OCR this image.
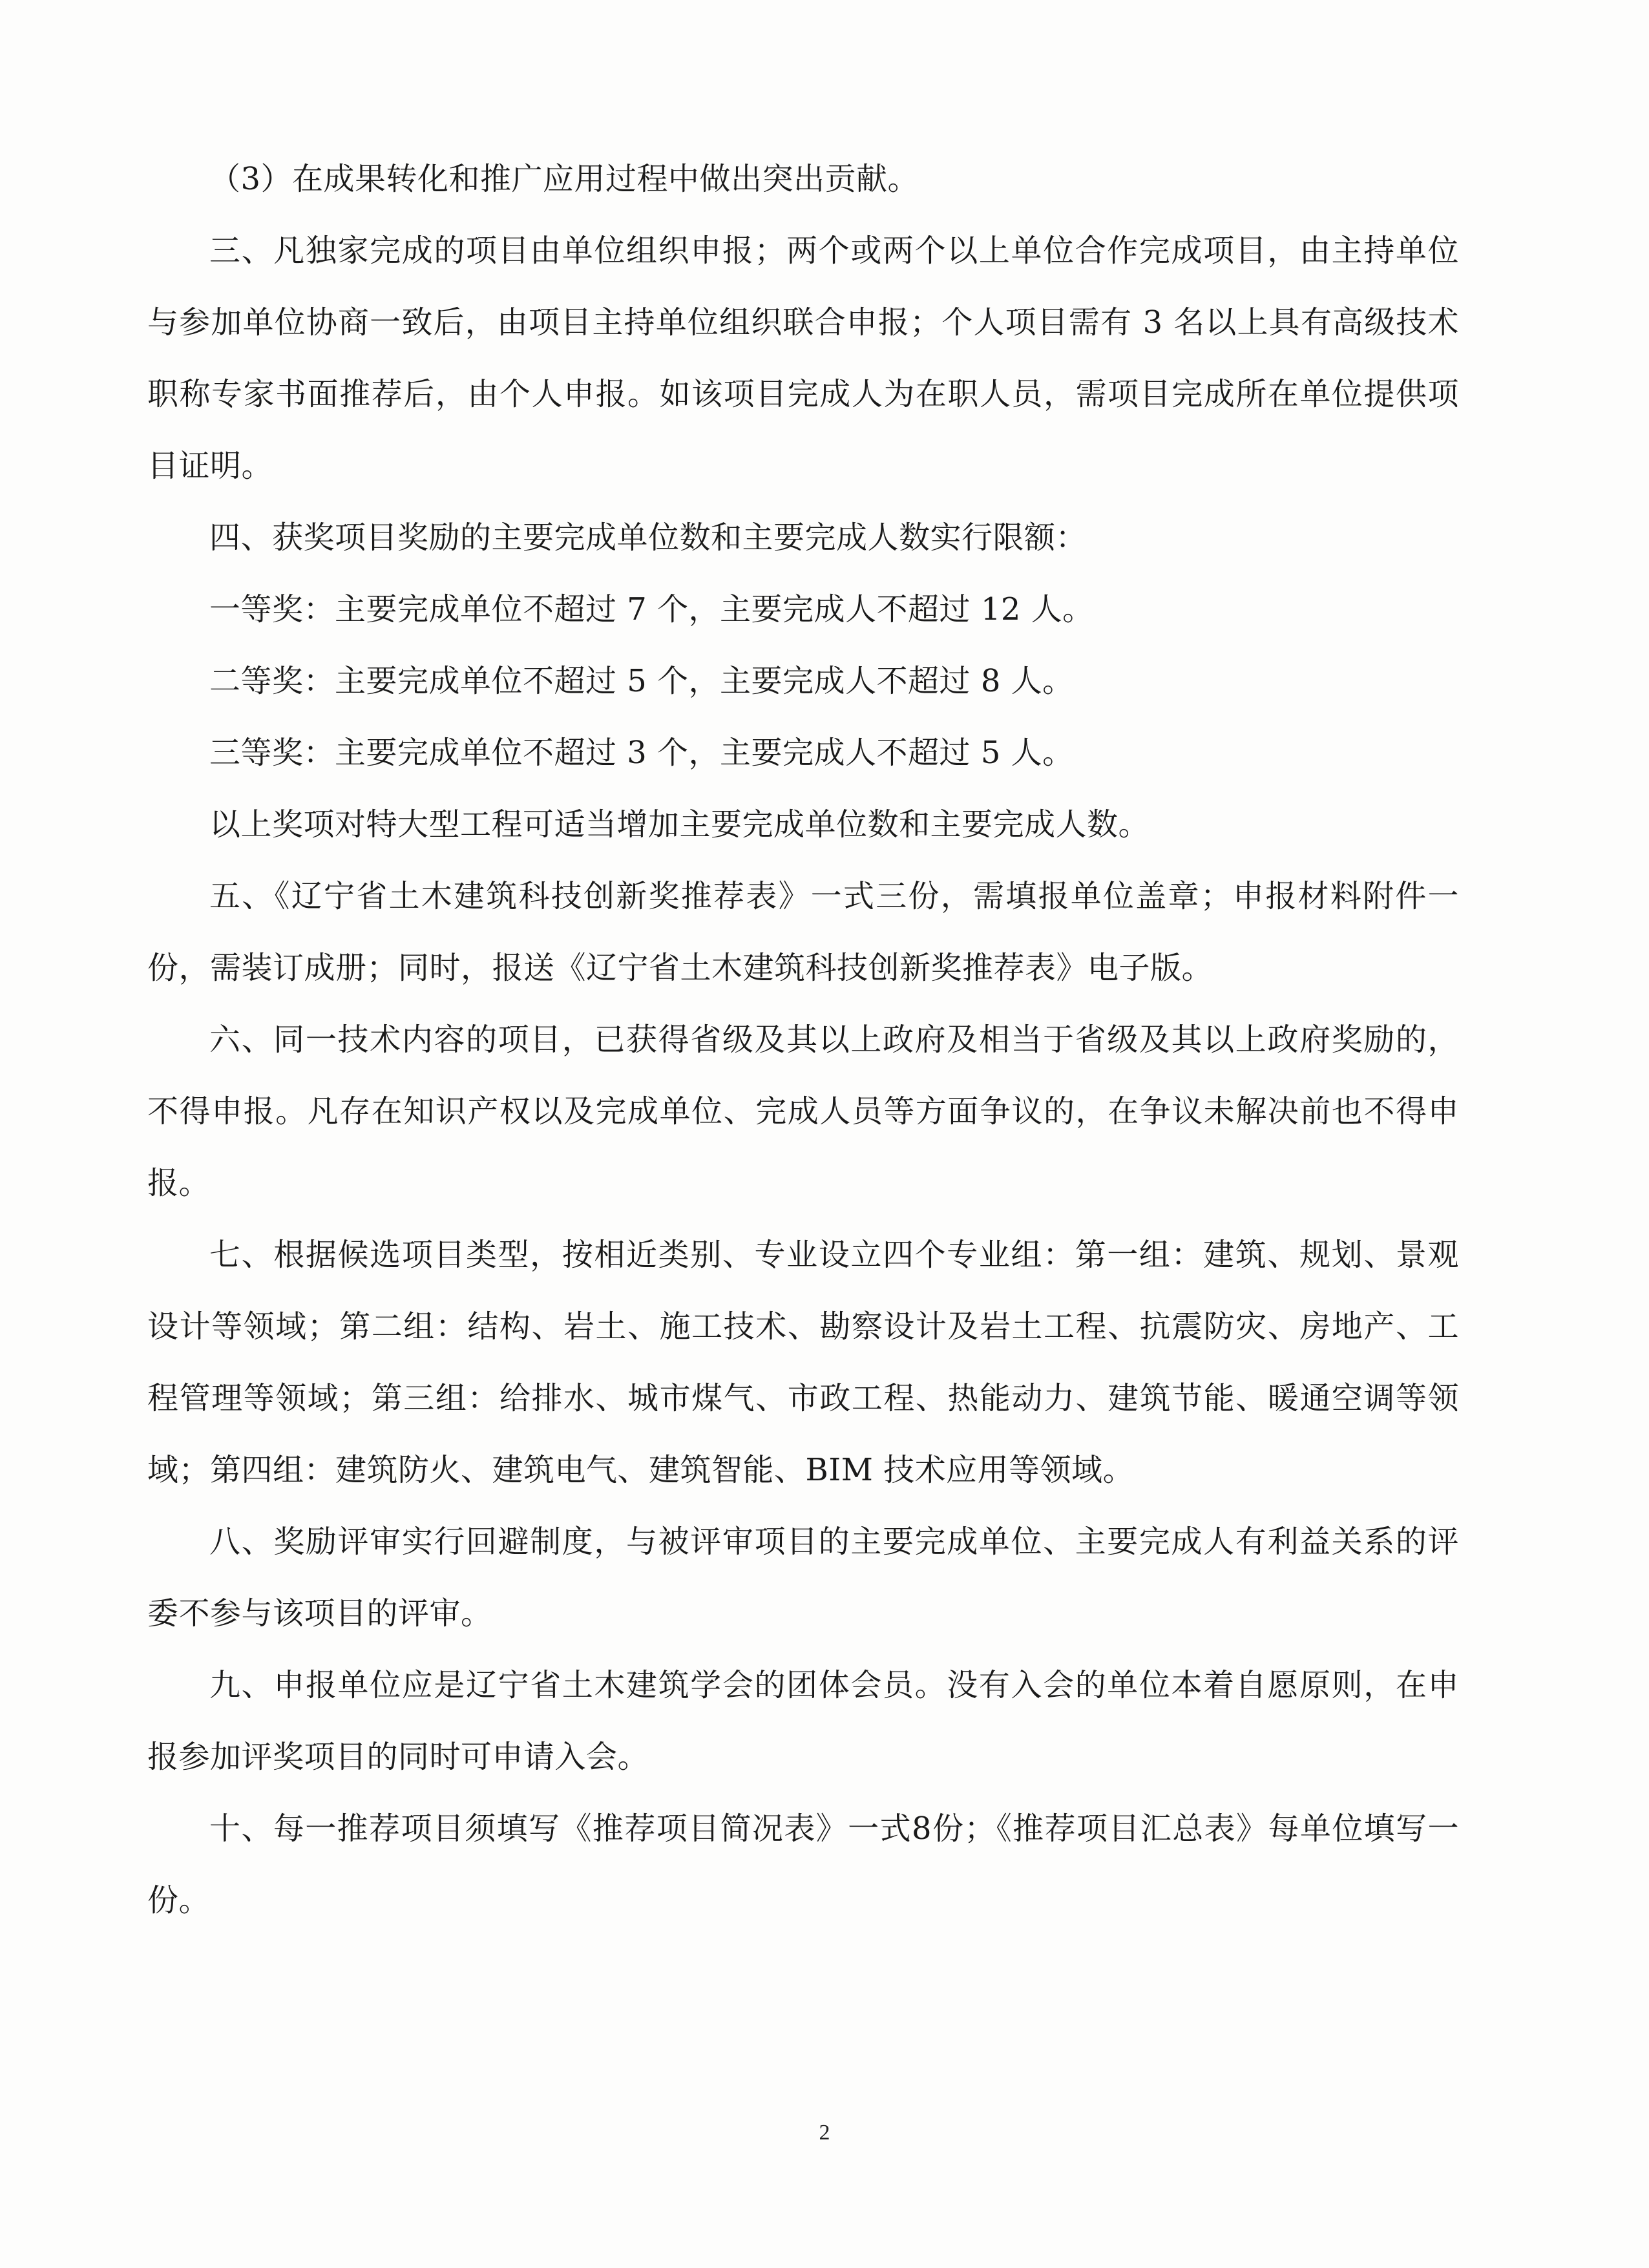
（3）在成果转化和推广应用过程中做出突出贡献。

三、凡独家完成的项目由单位组织申报；两个或两个以上单位合作完成项目，由主持单位与参加单位协商一致后，由项目主持单位组织联合申报；个人项目需有 3 名以上具有高级技术职称专家书面推荐后，由个人申报。如该项目完成人为在职人员，需项目完成所在单位提供项目证明。

四、获奖项目奖励的主要完成单位数和主要完成人数实行限额：

一等奖：主要完成单位不超过 7 个，主要完成人不超过 12 人。

二等奖：主要完成单位不超过 5 个，主要完成人不超过 8 人。

三等奖：主要完成单位不超过 3 个，主要完成人不超过 5 人。

以上奖项对特大型工程可适当增加主要完成单位数和主要完成人数。

五、《辽宁省土木建筑科技创新奖推荐表》一式三份，需填报单位盖章；申报材料附件一份，需装订成册；同时，报送《辽宁省土木建筑科技创新奖推荐表》电子版。

六、同一技术内容的项目，已获得省级及其以上政府及相当于省级及其以上政府奖励的，不得申报。凡存在知识产权以及完成单位、完成人员等方面争议的，在争议未解决前也不得申报。

七、根据候选项目类型，按相近类别、专业设立四个专业组：第一组：建筑、规划、景观设计等领域；第二组：结构、岩土、施工技术、勘察设计及岩土工程、抗震防灾、房地产、工程管理等领域；第三组：给排水、城市煤气、市政工程、热能动力、建筑节能、暖通空调等领域；第四组：建筑防火、建筑电气、建筑智能、BIM 技术应用等领域。

八、奖励评审实行回避制度，与被评审项目的主要完成单位、主要完成人有利益关系的评委不参与该项目的评审。

九、申报单位应是辽宁省土木建筑学会的团体会员。没有入会的单位本着自愿原则，在申报参加评奖项目的同时可申请入会。

十、每一推荐项目须填写《推荐项目简况表》一式8份；《推荐项目汇总表》每单位填写一份。

2
